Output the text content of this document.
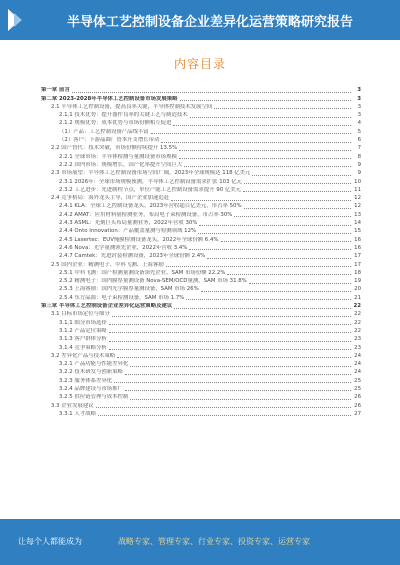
半导体工艺控制设备企业差异化运营策略研究报告
内容目录
第一章 前言	3
第二章 2023-2028年半导体工艺控制设备市场发展策略	3
2.1 半导体工艺控制设备，提高良率关键，半导体控制技术发展空间	3
2.1.1 技术优势：提升器件良率的关键工艺与制造技术	3
2.1.2 规模优势：成本优势与市场份额相互促进	4
（1）产品：工艺控制设备产品线丰富	5
（2）客户：下游晶圆厂资本开支增长带动	6
2.2 国产替代：技术突破，市场份额持续提升 13.5%	7
2.2.1 全球市场：半导体检测与量测设备市场规模	8
2.2.2 国内市场：规模增长，国产化率提升空间巨大	9
2.3 市场展望：半导体工艺控制设备市场空间广阔，2023年全球规模达 118 亿美元	9
2.3.1 2026年：全球市场规模预测，半导体工艺控制设备需求扩张 103 亿元	10
2.3.2 工艺进步：先进制程节点，单位产能工艺控制设备需求提升 90 亿美元	11
2.4 竞争格局：海外龙头主导，国产企业加速追赶	12
2.4.1 KLA：全球工艺控制设备龙头，2023年营收超百亿美元，市占率 50%	12
2.4.2 AMAT：应用材料量检测业务，布局电子束检测设备，市占率 30%	13
2.4.3 ASML：光刻巨头布局量测业务，2022年营收 30%	14
2.4.4 Onto Innovation：产品覆盖量测与检测领域 12%	15
2.4.5 Lasertec：EUV掩膜检测设备龙头，2022年全球份额 6.4%	16
2.4.6 Nova：光学量测领先企业，2022年营收 3.4%	16
2.4.7 Camtek：先进封装检测设备，2023年全球份额 2.4%	17
2.5 国内企业：精测电子、中科飞测、上海睿励	17
2.5.1 中科飞测：国产检测量测设备领先企业，SAM 市场份额 22.2%	18
2.5.2 精测电子：国内膜厚量测设备 Nova-SEM/OCD量测，SAM 市场 31.8%	19
2.5.3 上海睿励：国内光学膜厚量测设备，SAM 市场 26%	20
2.5.4 东方晶源：电子束检测设备，SAM 市场 1.7%	21
第三章 半导体工艺控制设备企业差异化运营策略及建议	22
3.1 目标市场定位与细分	22
3.1.1 细分市场选择	22
3.1.2 产品定位策略	22
3.1.3 客户群体分析	23
3.1.4 竞争策略分析	23
3.2 差异化产品与技术策略	24
3.2.1 产品功能与性能差异化	24
3.2.2 技术研发与创新策略	24
3.2.3 服务体系差异化	25
3.2.4 品牌建设与市场推广	25
3.2.5 供应链管理与成本控制	26
3.3 企业发展建议	26
3.3.1 人才战略	27
让每个人都能成为	战略专家、管理专家、行业专家、投资专家、运营专家
